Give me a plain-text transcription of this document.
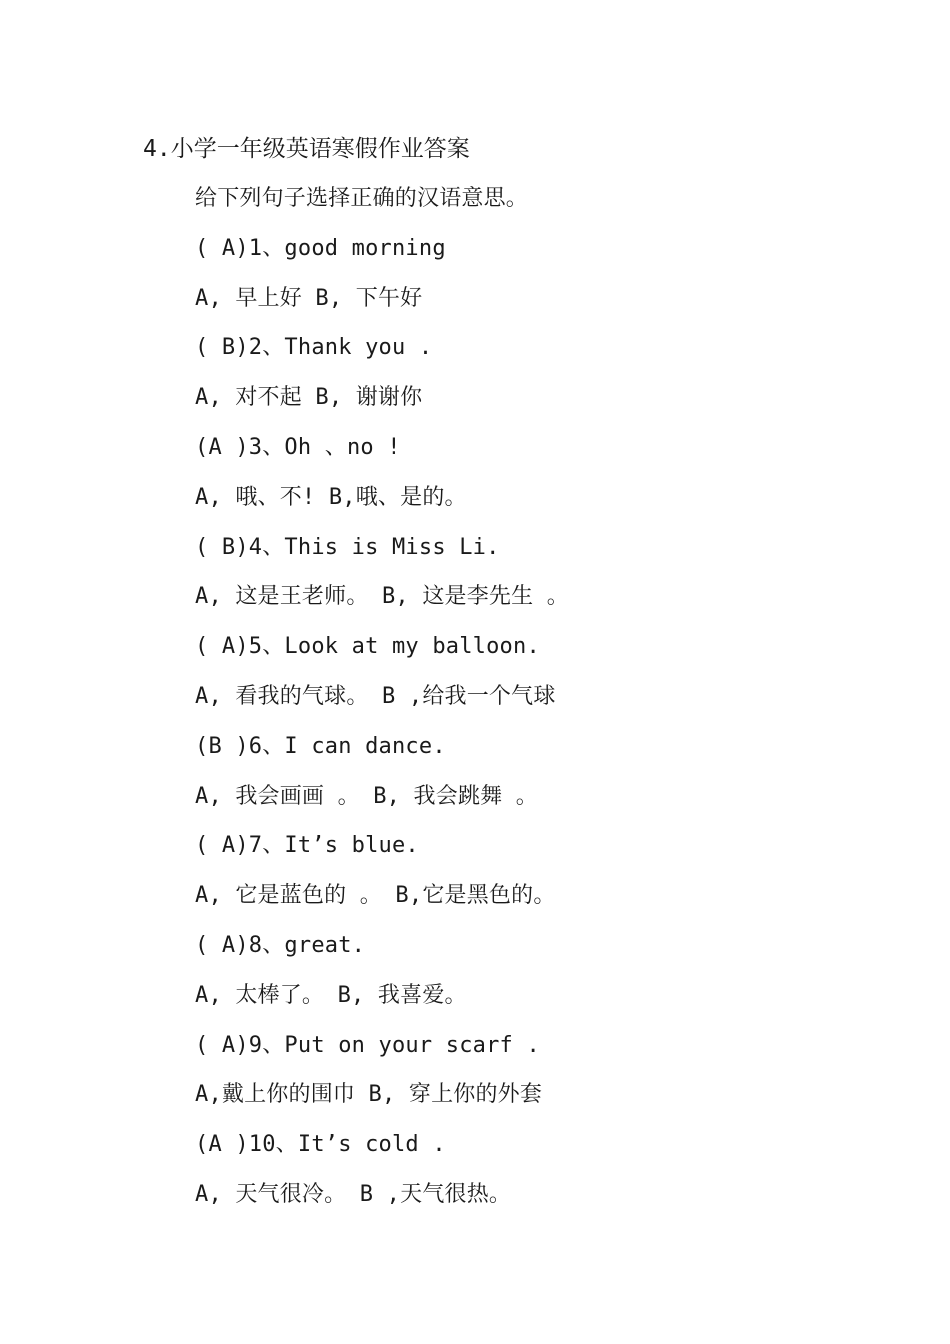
4.小学一年级英语寒假作业答案
给下列句子选择正确的汉语意思。
( A)1、good morning
A, 早上好 B, 下午好
( B)2、Thank you .
A, 对不起 B, 谢谢你
(A )3、Oh 、no !
A, 哦、不! B,哦、是的。
( B)4、This is Miss Li.
A, 这是王老师。 B, 这是李先生 。
( A)5、Look at my balloon.
A, 看我的气球。 B ,给我一个气球
(B )6、I can dance.
A, 我会画画 。 B, 我会跳舞 。
( A)7、It’s blue.
A, 它是蓝色的 。 B,它是黑色的。
( A)8、great.
A, 太棒了。 B, 我喜爱。
( A)9、Put on your scarf .
A,戴上你的围巾 B, 穿上你的外套
(A )10、It’s cold .
A, 天气很冷。 B ,天气很热。
